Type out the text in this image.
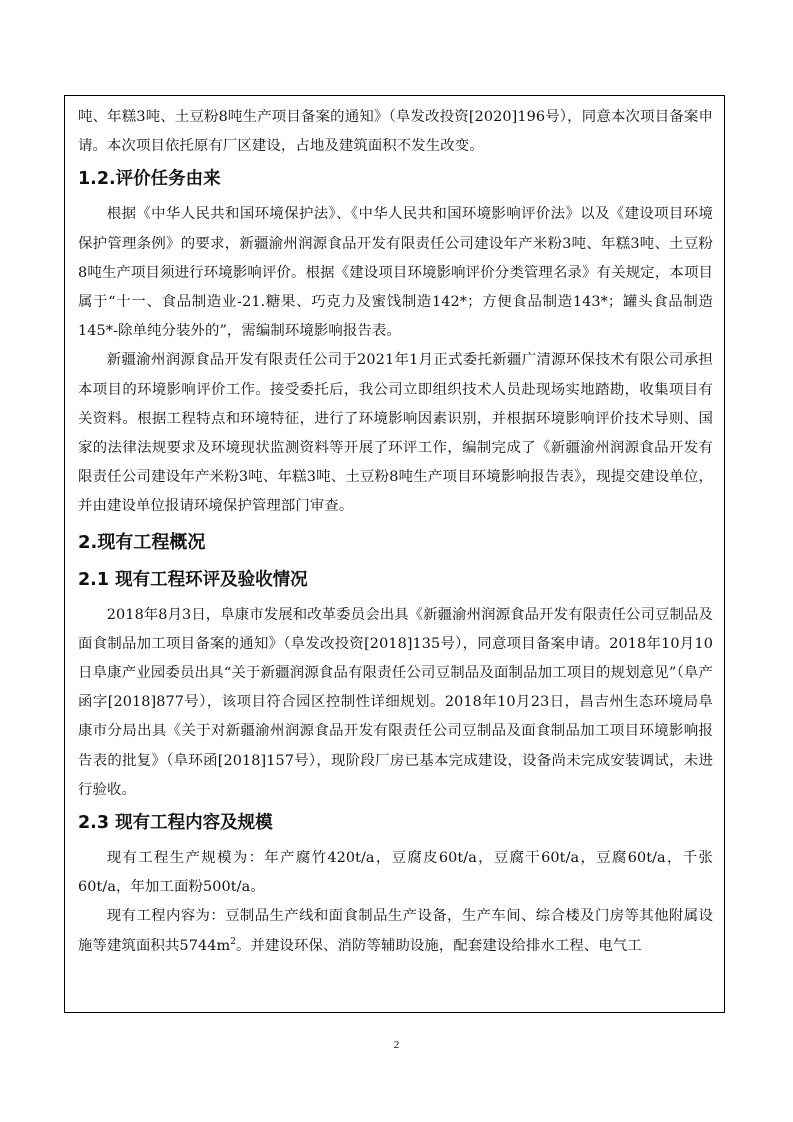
吨、年糕3吨、土豆粉8吨生产项目备案的通知》（阜发改投资[2020]196号），同意本次项目备案申请。本次项目依托原有厂区建设，占地及建筑面积不发生改变。

1.2.评价任务由来

根据《中华人民共和国环境保护法》、《中华人民共和国环境影响评价法》以及《建设项目环境保护管理条例》的要求，新疆渝州润源食品开发有限责任公司建设年产米粉3吨、年糕3吨、土豆粉8吨生产项目须进行环境影响评价。根据《建设项目环境影响评价分类管理名录》有关规定，本项目属于“十一、食品制造业-21.糖果、巧克力及蜜饯制造142*；方便食品制造143*；罐头食品制造145*-除单纯分装外的”，需编制环境影响报告表。

新疆渝州润源食品开发有限责任公司于2021年1月正式委托新疆广清源环保技术有限公司承担本项目的环境影响评价工作。接受委托后，我公司立即组织技术人员赴现场实地踏勘，收集项目有关资料。根据工程特点和环境特征，进行了环境影响因素识别，并根据环境影响评价技术导则、国家的法律法规要求及环境现状监测资料等开展了环评工作，编制完成了《新疆渝州润源食品开发有限责任公司建设年产米粉3吨、年糕3吨、土豆粉8吨生产项目环境影响报告表》，现提交建设单位，并由建设单位报请环境保护管理部门审查。

2.现有工程概况
2.1 现有工程环评及验收情况

2018年8月3日，阜康市发展和改革委员会出具《新疆渝州润源食品开发有限责任公司豆制品及面食制品加工项目备案的通知》（阜发改投资[2018]135号），同意项目备案申请。2018年10月10日阜康产业园委员出具“关于新疆润源食品有限责任公司豆制品及面制品加工项目的规划意见”（阜产函字[2018]877号），该项目符合园区控制性详细规划。2018年10月23日，昌吉州生态环境局阜康市分局出具《关于对新疆渝州润源食品开发有限责任公司豆制品及面食制品加工项目环境影响报告表的批复》（阜环函[2018]157号），现阶段厂房已基本完成建设，设备尚未完成安装调试，未进行验收。

2.3 现有工程内容及规模

现有工程生产规模为：年产腐竹420t/a，豆腐皮60t/a，豆腐干60t/a，豆腐60t/a，千张60t/a，年加工面粉500t/a。

现有工程内容为：豆制品生产线和面食制品生产设备，生产车间、综合楼及门房等其他附属设施等建筑面积共$5744m^2$。并建设环保、消防等辅助设施，配套建设给排水工程、电气工

2
